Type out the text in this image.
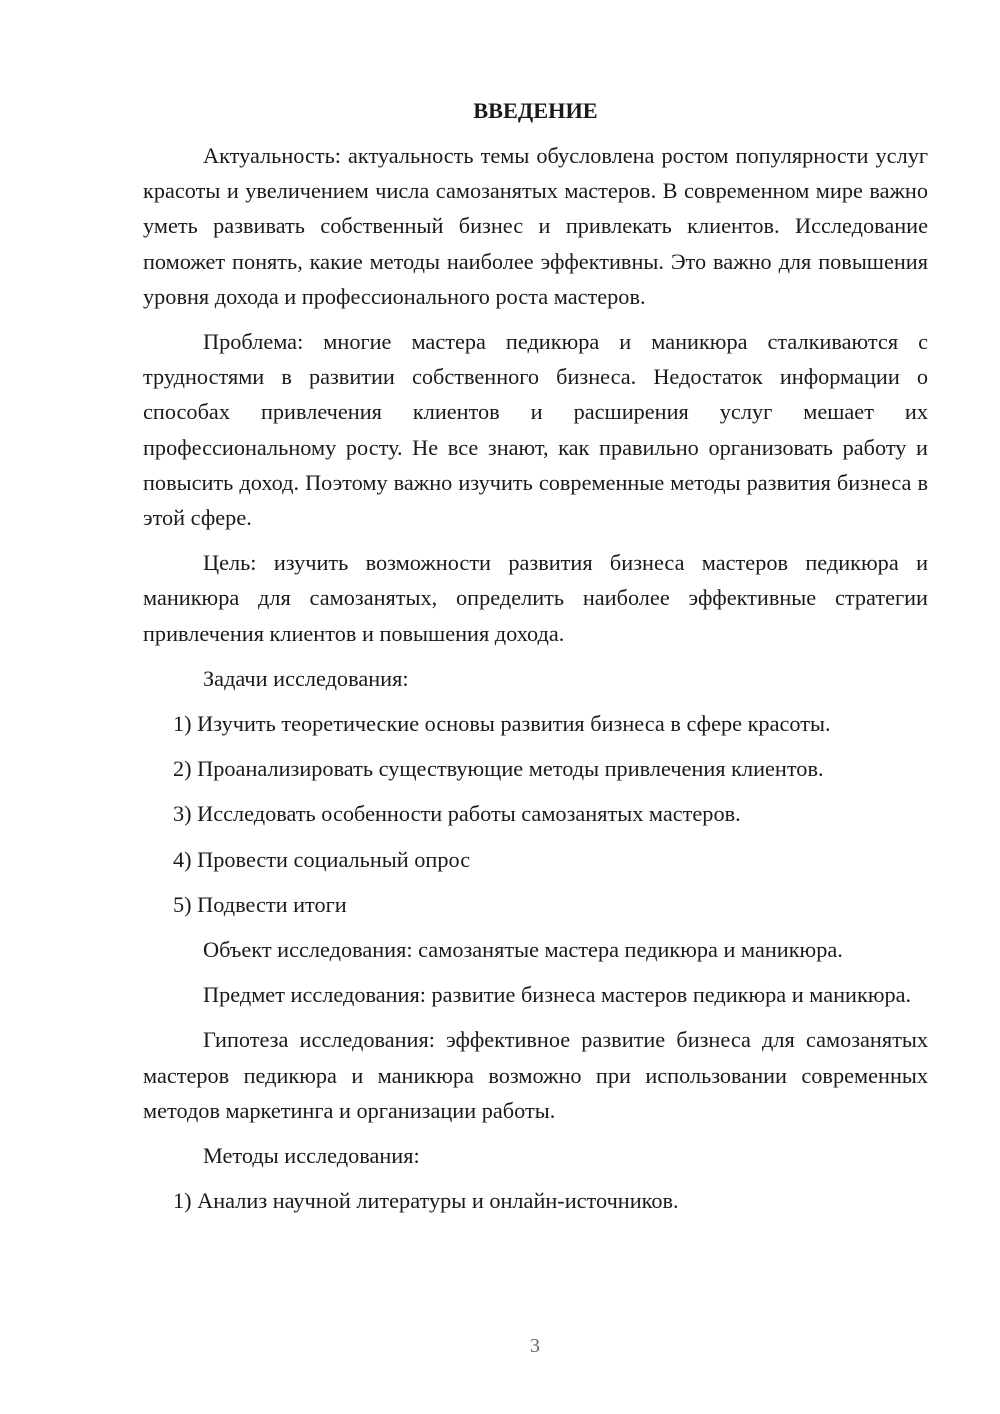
ВВЕДЕНИЕ

Актуальность: актуальность темы обусловлена ростом популярности услуг красоты и увеличением числа самозанятых мастеров. В современном мире важно уметь развивать собственный бизнес и привлекать клиентов. Исследование поможет понять, какие методы наиболее эффективны. Это важно для повышения уровня дохода и профессионального роста мастеров.

Проблема: многие мастера педикюра и маникюра сталкиваются с трудностями в развитии собственного бизнеса. Недостаток информации о способах привлечения клиентов и расширения услуг мешает их профессиональному росту. Не все знают, как правильно организовать работу и повысить доход. Поэтому важно изучить современные методы развития бизнеса в этой сфере.

Цель: изучить возможности развития бизнеса мастеров педикюра и маникюра для самозанятых, определить наиболее эффективные стратегии привлечения клиентов и повышения дохода.

Задачи исследования:

1) Изучить теоретические основы развития бизнеса в сфере красоты.

2) Проанализировать существующие методы привлечения клиентов.

3) Исследовать особенности работы самозанятых мастеров.

4) Провести социальный опрос

5) Подвести итоги

Объект исследования: самозанятые мастера педикюра и маникюра.

Предмет исследования: развитие бизнеса мастеров педикюра и маникюра.

Гипотеза исследования: эффективное развитие бизнеса для самозанятых мастеров педикюра и маникюра возможно при использовании современных методов маркетинга и организации работы.

Методы исследования:

1) Анализ научной литературы и онлайн-источников.

3
